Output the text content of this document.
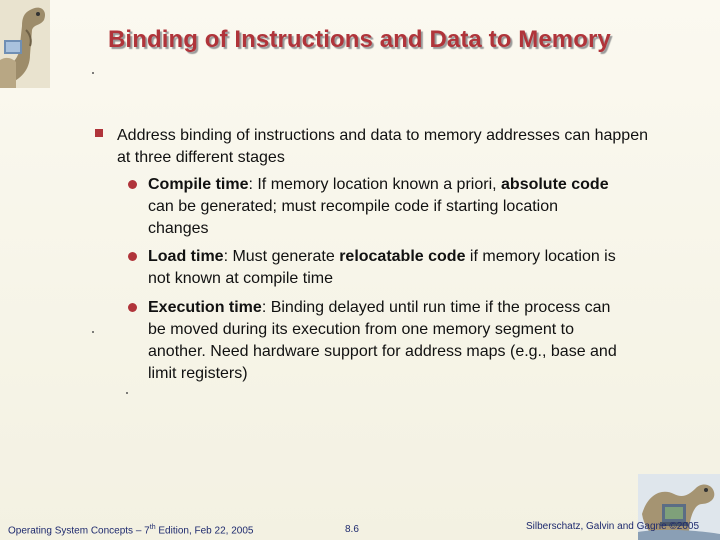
Binding of Instructions and Data to Memory
Address binding of instructions and data to memory addresses can happen at three different stages
Compile time: If memory location known a priori, absolute code can be generated; must recompile code if starting location changes
Load time: Must generate relocatable code if memory location is not known at compile time
Execution time: Binding delayed until run time if the process can be moved during its execution from one memory segment to another. Need hardware support for address maps (e.g., base and limit registers)
Operating System Concepts – 7th Edition, Feb 22, 2005	8.6	Silberschatz, Galvin and Gagne ©2005
